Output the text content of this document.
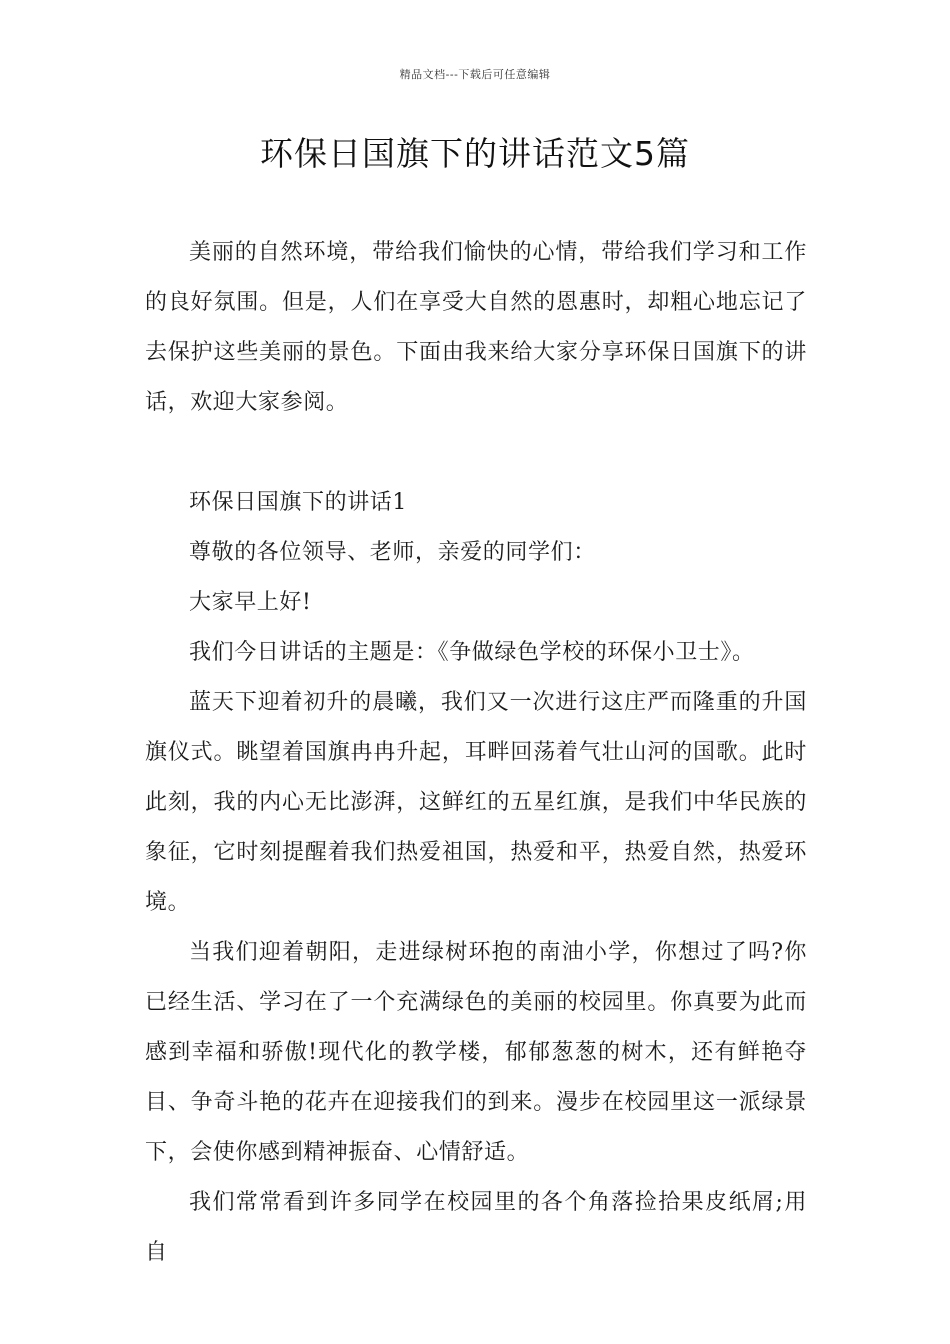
精品文档---下载后可任意编辑
环保日国旗下的讲话范文5篇

美丽的自然环境，带给我们愉快的心情，带给我们学习和工作的良好氛围。但是，人们在享受大自然的恩惠时，却粗心地忘记了去保护这些美丽的景色。下面由我来给大家分享环保日国旗下的讲话，欢迎大家参阅。

环保日国旗下的讲话1

尊敬的各位领导、老师，亲爱的同学们：

大家早上好!

我们今日讲话的主题是：《争做绿色学校的环保小卫士》。

蓝天下迎着初升的晨曦，我们又一次进行这庄严而隆重的升国旗仪式。眺望着国旗冉冉升起，耳畔回荡着气壮山河的国歌。此时此刻，我的内心无比澎湃，这鲜红的五星红旗，是我们中华民族的象征，它时刻提醒着我们热爱祖国，热爱和平，热爱自然，热爱环境。

当我们迎着朝阳，走进绿树环抱的南油小学，你想过了吗?你已经生活、学习在了一个充满绿色的美丽的校园里。你真要为此而感到幸福和骄傲!现代化的教学楼，郁郁葱葱的树木，还有鲜艳夺目、争奇斗艳的花卉在迎接我们的到来。漫步在校园里这一派绿景下，会使你感到精神振奋、心情舒适。

我们常常看到许多同学在校园里的各个角落捡拾果皮纸屑;用自
